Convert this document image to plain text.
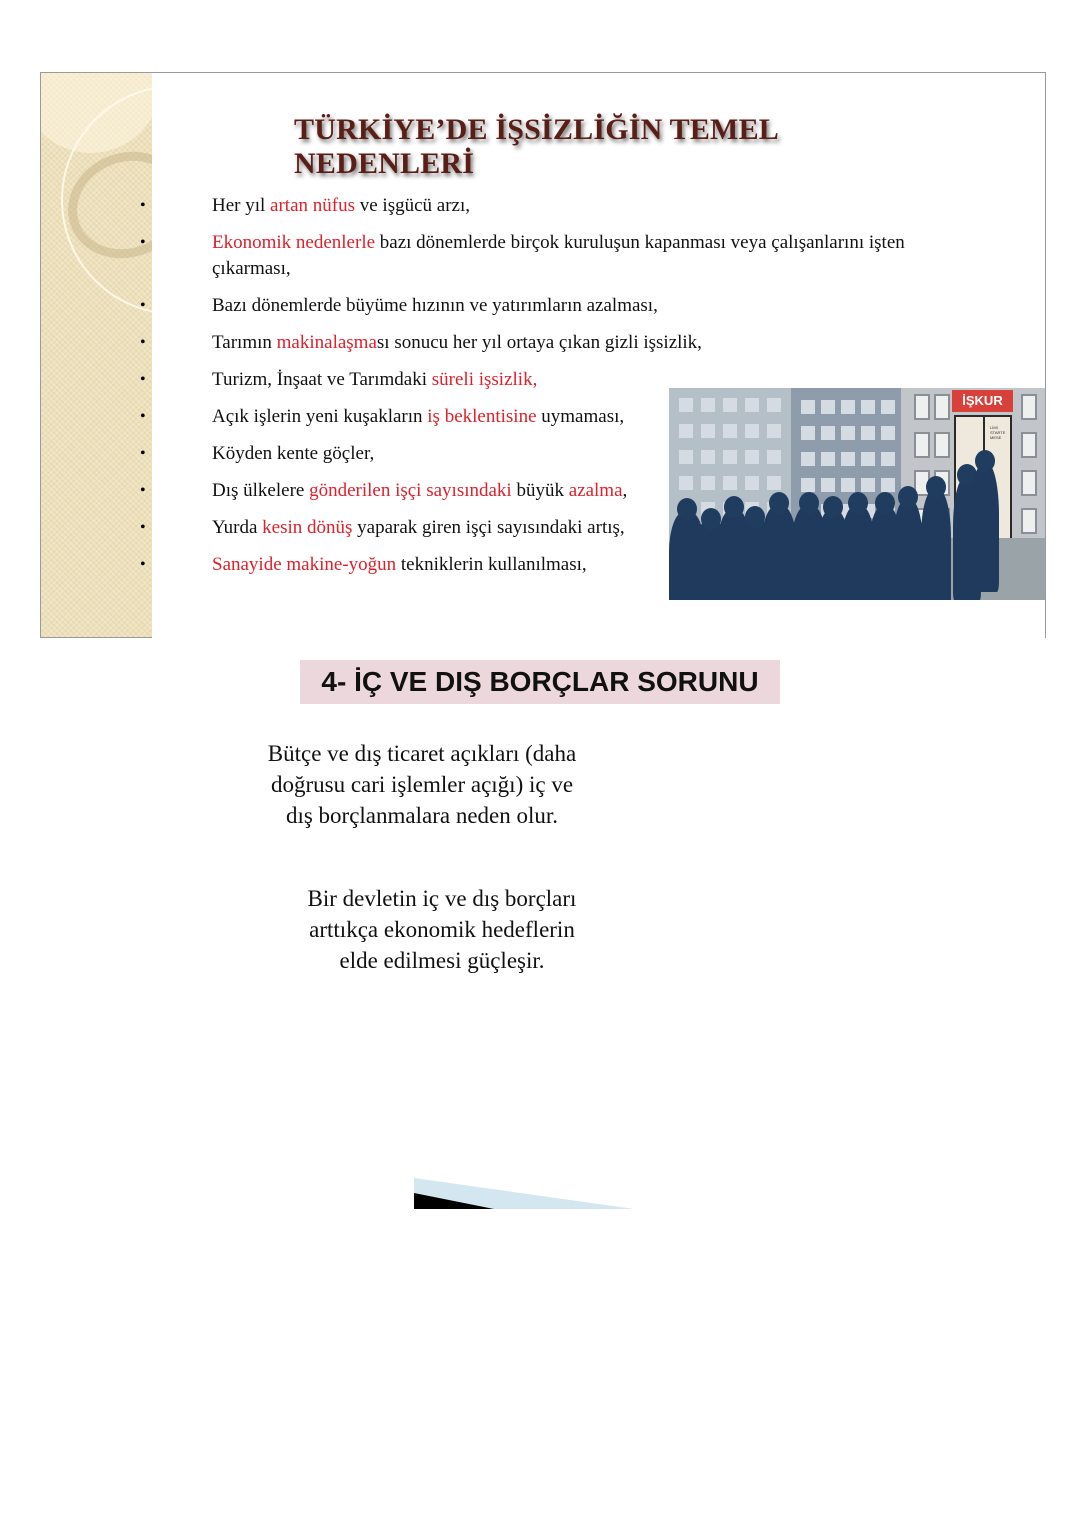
TÜRKİYE’DE İŞSİZLİĞİN TEMEL
NEDENLERİ
•	Her yıl artan nüfus ve işgücü arzı,
•	Ekonomik nedenlerle bazı dönemlerde birçok kuruluşun kapanması veya çalışanlarını işten
çıkarması,
•	Bazı dönemlerde büyüme hızının ve yatırımların azalması,
•	Tarımın makinalaşması sonucu her yıl ortaya çıkan gizli işsizlik,
•	Turizm, İnşaat ve Tarımdaki süreli işsizlik,
•	Açık işlerin yeni kuşakların iş beklentisine uymaması,
•	Köyden kente göçler,
•	Dış ülkelere gönderilen işçi sayısındaki büyük azalma,
•	Yurda kesin dönüş yaparak giren işçi sayısındaki artış,
•	Sanayide makine-yoğun tekniklerin kullanılması,
İŞKUR
LİMİ STARTE MESE
4- İÇ VE DIŞ BORÇLAR SORUNU

Bütçe ve dış ticaret açıkları (daha
doğrusu cari işlemler açığı) iç ve
dış borçlanmalara neden olur.

Bir devletin iç ve dış borçları
arttıkça ekonomik hedeflerin
elde edilmesi güçleşir.
